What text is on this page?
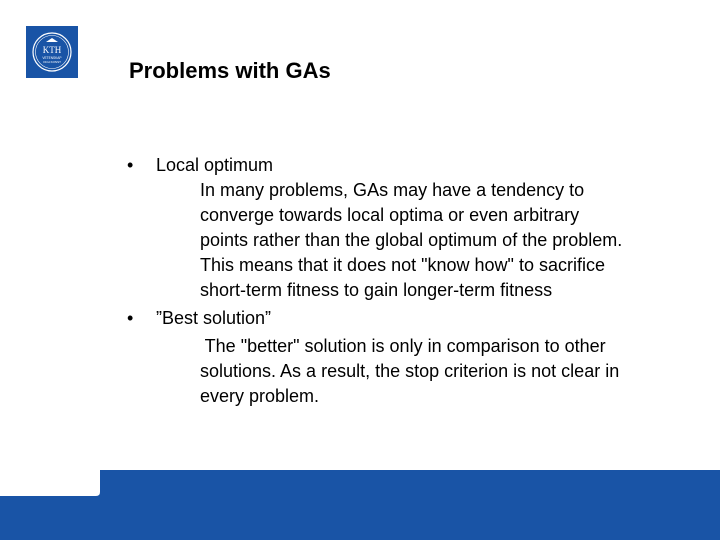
KTH
VETENSKAP
OCH KONST	Problems with GAs
• Local optimum
In many problems, GAs may have a tendency to
converge towards local optima or even arbitrary
points rather than the global optimum of the problem.
This means that it does not "know how" to sacrifice
short-term fitness to gain longer-term fitness
• ”Best solution”
The "better" solution is only in comparison to other
solutions. As a result, the stop criterion is not clear in
every problem.
